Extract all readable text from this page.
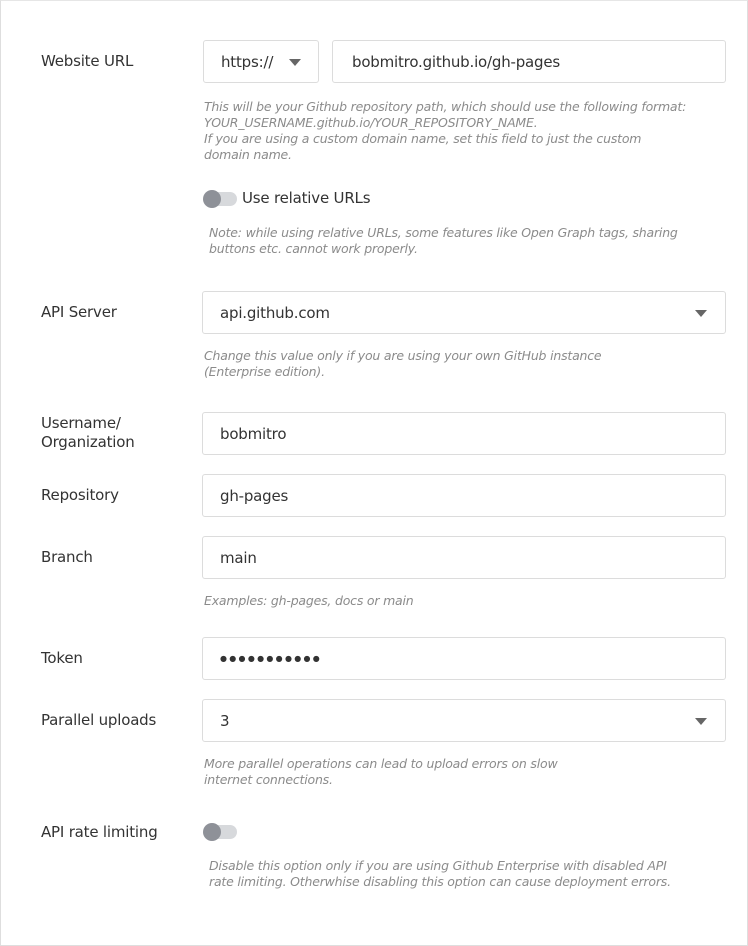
Website URL	https://	bobmitro.github.io/gh-pages
This will be your Github repository path, which should use the following format:
YOUR_USERNAME.github.io/YOUR_REPOSITORY_NAME.
If you are using a custom domain name, set this field to just the custom
domain name.
Use relative URLs
Note: while using relative URLs, some features like Open Graph tags, sharing
buttons etc. cannot work properly.
API Server	api.github.com
Change this value only if you are using your own GitHub instance
(Enterprise edition).
Username/
Organization	bobmitro
Repository	gh-pages
Branch	main
Examples: gh-pages, docs or main
Token	●●●●●●●●●●●
Parallel uploads	3
More parallel operations can lead to upload errors on slow
internet connections.
API rate limiting
Disable this option only if you are using Github Enterprise with disabled API
rate limiting. Otherwhise disabling this option can cause deployment errors.
